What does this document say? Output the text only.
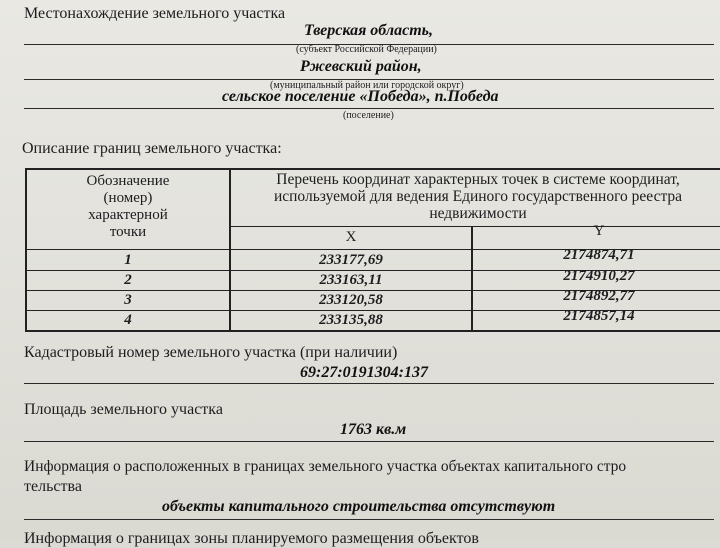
Местонахождение земельного участка
Тверская область,
(субъект Российской Федерации)
Ржевский район,
(муниципальный район или городской округ)
сельское поселение «Победа», п.Победа
(поселение)
Описание границ земельного участка:
Обозначение
(номер)
характерной
точки
Перечень координат характерных точек в системе координат,
используемой для ведения Единого государственного реестра
недвижимости
X	Y
1	233177,69	2174874,71
2	233163,11	2174910,27
3	233120,58	2174892,77
4	233135,88	2174857,14
Кадастровый номер земельного участка (при наличии)
69:27:0191304:137
Площадь земельного участка
1763 кв.м
Информация о расположенных в границах земельного участка объектах капитального стро
тельства
объекты капитального строительства отсутствуют
Информация о границах зоны планируемого размещения объектов
